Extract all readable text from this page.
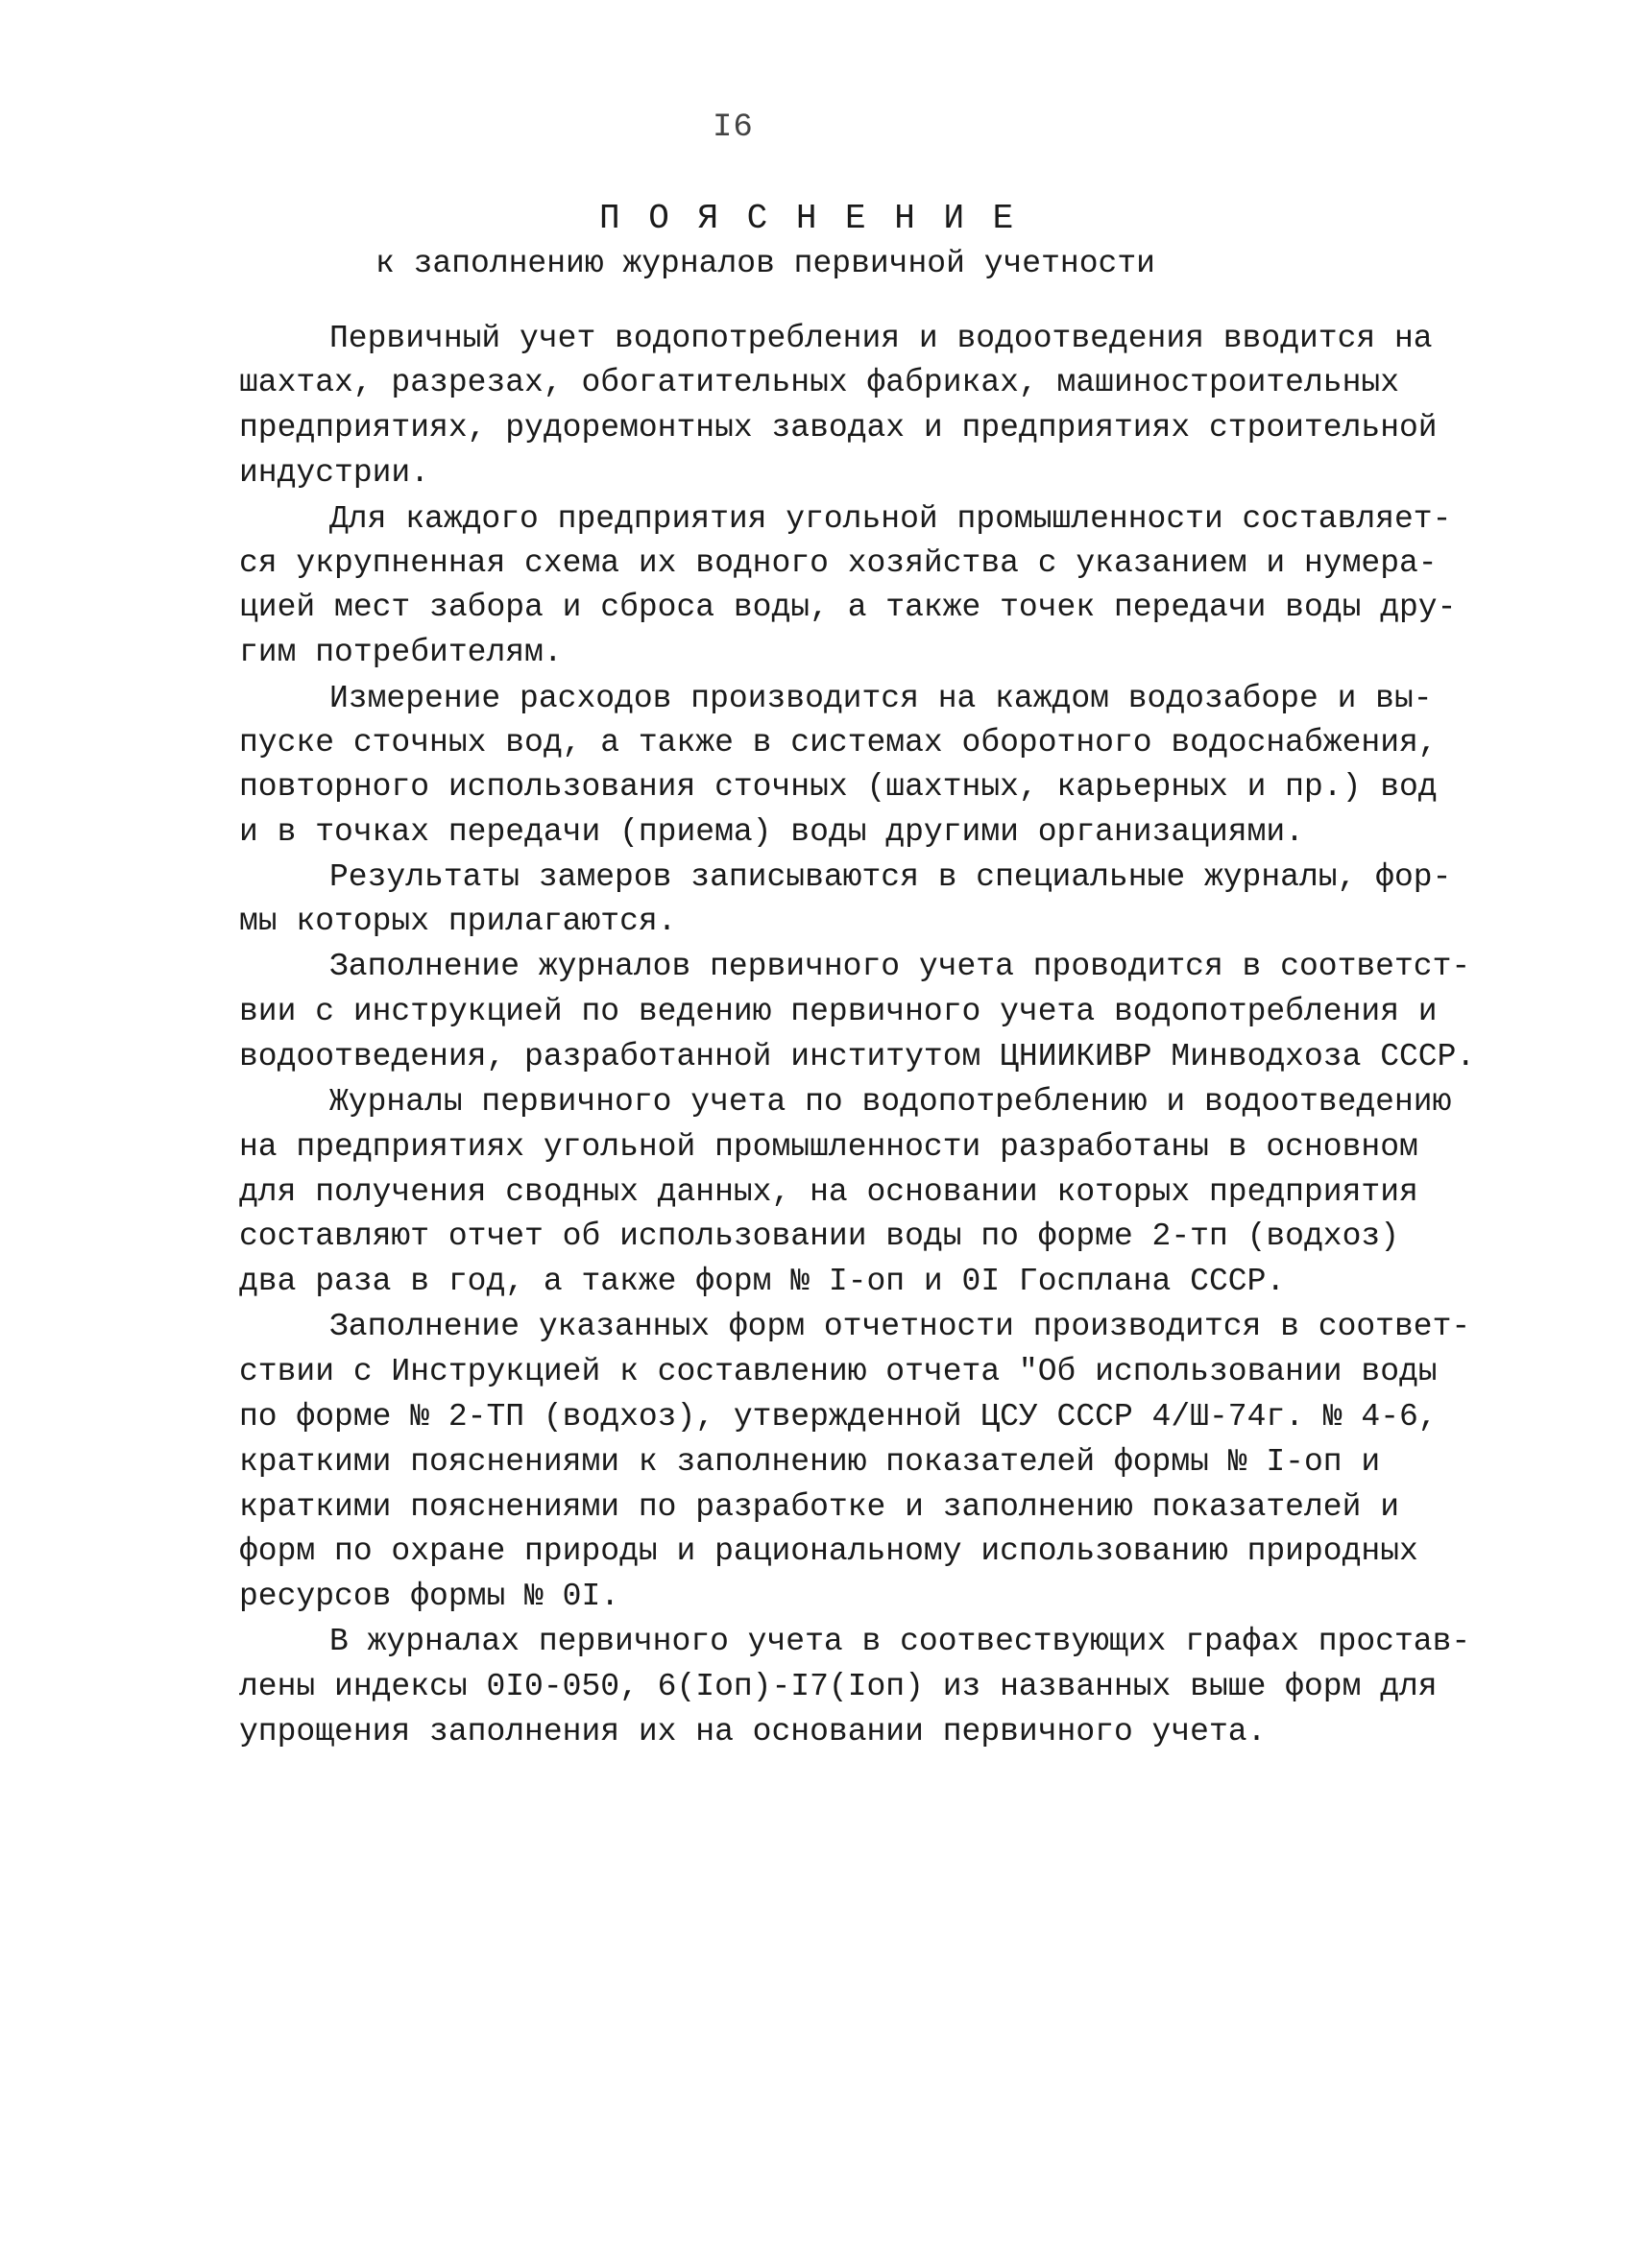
I6
П О Я С Н Е Н И Е
к заполнению журналов первичной учетности
Первичный учет водопотребления и водоотведения вводится на
шахтах, разрезах, обогатительных фабриках, машиностроительных
предприятиях, рудоремонтных заводах и предприятиях строительной
индустрии.
Для каждого предприятия угольной промышленности составляет-
ся укрупненная схема их водного хозяйства с указанием и нумера-
цией мест забора и сброса воды, а также точек передачи воды дру-
гим потребителям.
Измерение расходов производится на каждом водозаборе и вы-
пуске сточных вод, а также в системах оборотного водоснабжения,
повторного использования сточных (шахтных, карьерных и пр.) вод
и в точках передачи (приема) воды другими организациями.
Результаты замеров записываются в специальные журналы, фор-
мы которых прилагаются.
Заполнение журналов первичного учета проводится в соответст-
вии с инструкцией по ведению первичного учета водопотребления и
водоотведения, разработанной институтом ЦНИИКИВР Минводхоза СССР.
Журналы первичного учета по водопотреблению и водоотведению
на предприятиях угольной промышленности разработаны в основном
для получения сводных данных, на основании которых предприятия
составляют отчет об использовании воды по форме 2-тп (водхоз)
два раза в год, а также форм № I-оп и 0I Госплана СССР.
Заполнение указанных форм отчетности производится в соответ-
ствии с Инструкцией к составлению отчета "Об использовании воды
по форме № 2-ТП (водхоз), утвержденной ЦСУ СССР 4/Ш-74г. № 4-6,
краткими пояснениями к заполнению показателей формы № I-оп и
краткими пояснениями по разработке и заполнению показателей и
форм по охране природы и рациональному использованию природных
ресурсов формы № 0I.
В журналах первичного учета в соотвествующих графах простав-
лены индексы 0I0-050, 6(Iоп)-I7(Iоп) из названных выше форм для
упрощения заполнения их на основании первичного учета.
